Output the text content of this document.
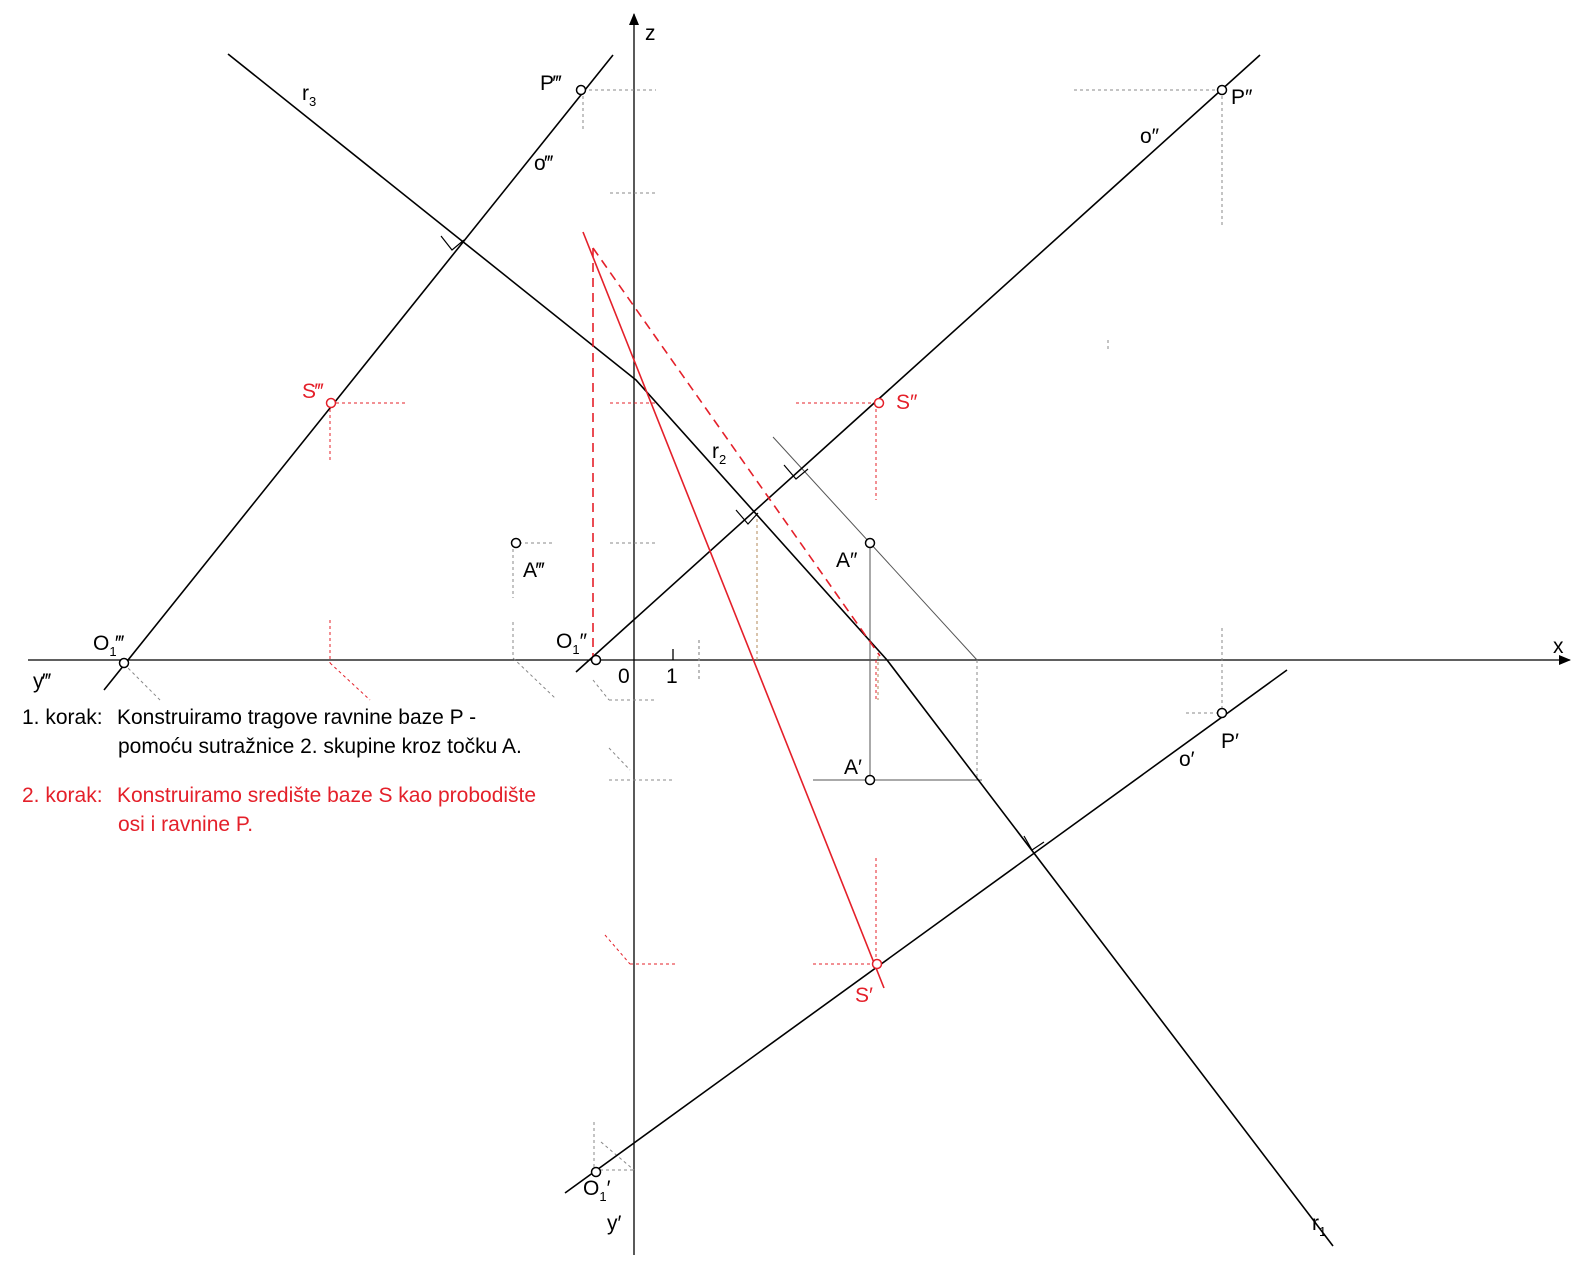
x
z
y‴
y′
0 1
P‴
P″
P′
o‴
o″
o′
$r_3$
$r_2$
$r_1$
A‴	A″
A′
$O_1‴$	$O_1''$
$O_1'$
S‴	S″
S′
1. korak: Konstruiramo tragove ravnine baze P -
pomoću sutražnice 2. skupine kroz točku A.
2. korak: Konstruiramo središte baze S kao probodište
osi i ravnine P.
